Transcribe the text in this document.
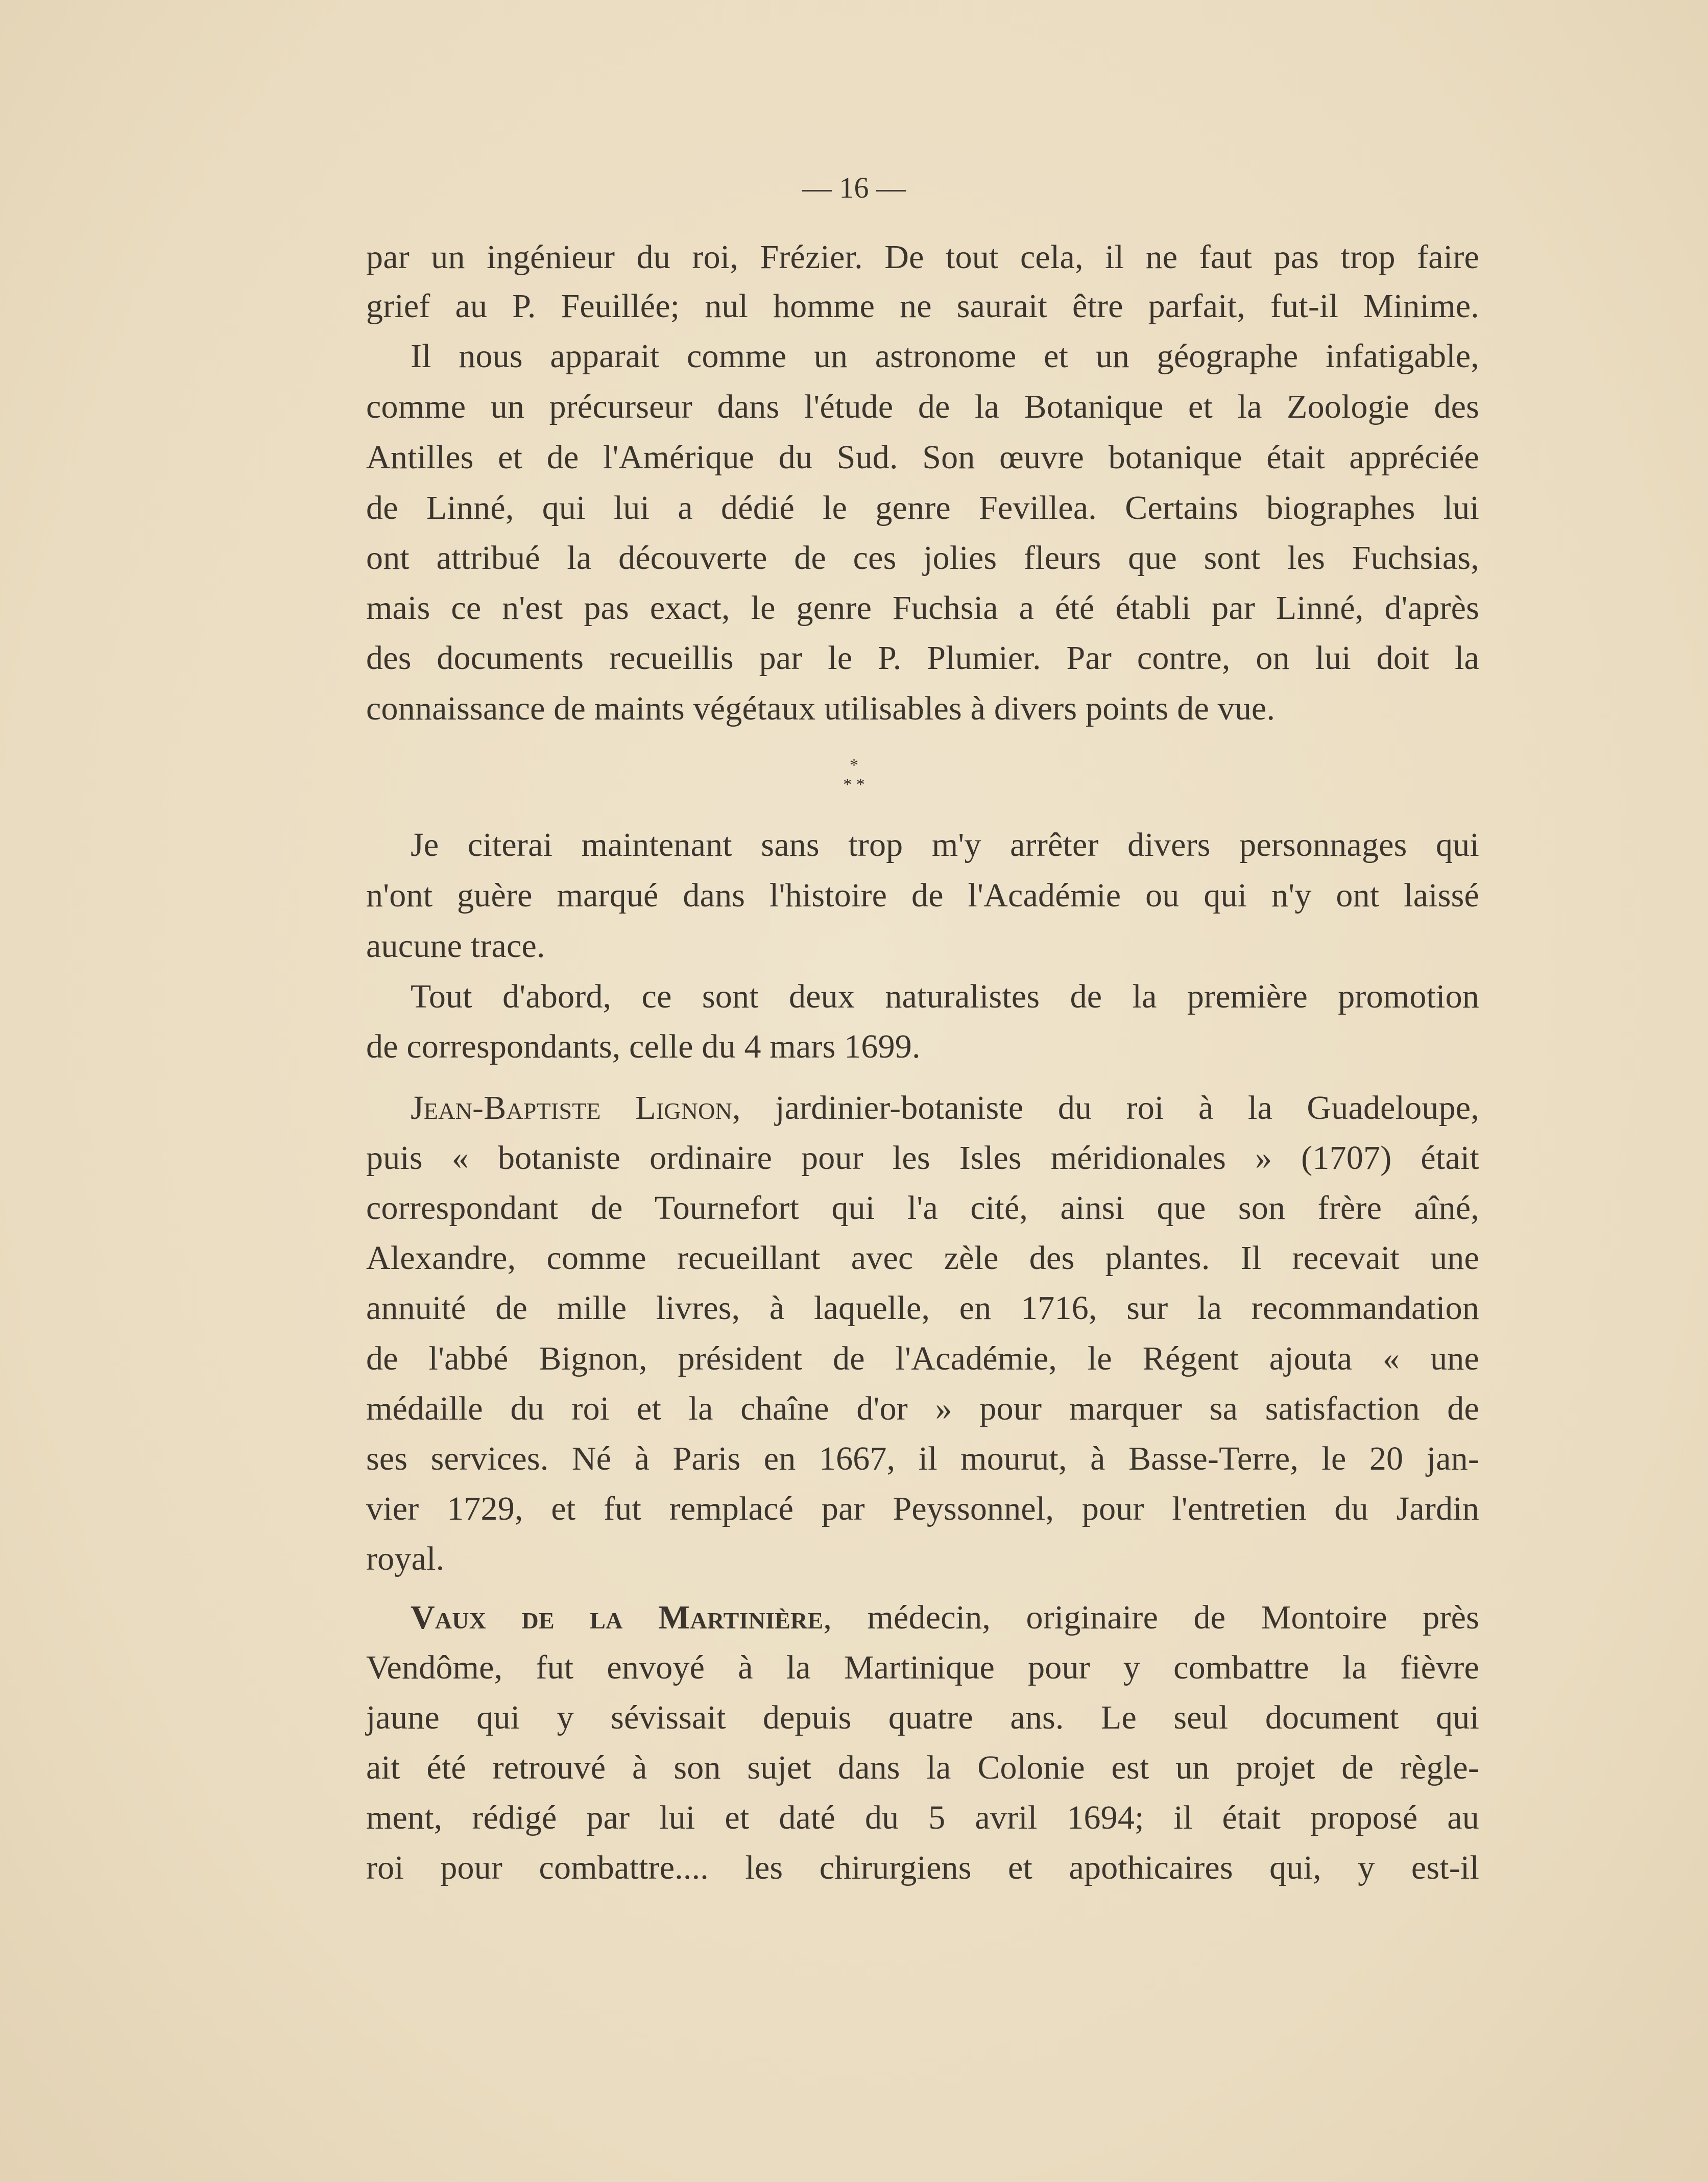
— 16 —
par un ingénieur du roi, Frézier. De tout cela, il ne faut pas trop faire
grief au P. Feuillée; nul homme ne saurait être parfait, fut-il Minime.
Il nous apparait comme un astronome et un géographe infatigable,
comme un précurseur dans l'étude de la Botanique et la Zoologie des
Antilles et de l'Amérique du Sud. Son œuvre botanique était appréciée
de Linné, qui lui a dédié le genre Fevillea. Certains biographes lui
ont attribué la découverte de ces jolies fleurs que sont les Fuchsias,
mais ce n'est pas exact, le genre Fuchsia a été établi par Linné, d'après
des documents recueillis par le P. Plumier. Par contre, on lui doit la
connaissance de maints végétaux utilisables à divers points de vue.
*
* *
Je citerai maintenant sans trop m'y arrêter divers personnages qui
n'ont guère marqué dans l'histoire de l'Académie ou qui n'y ont laissé
aucune trace.
Tout d'abord, ce sont deux naturalistes de la première promotion
de correspondants, celle du 4 mars 1699.
Jean-Baptiste Lignon, jardinier-botaniste du roi à la Guadeloupe,
puis « botaniste ordinaire pour les Isles méridionales » (1707) était
correspondant de Tournefort qui l'a cité, ainsi que son frère aîné,
Alexandre, comme recueillant avec zèle des plantes. Il recevait une
annuité de mille livres, à laquelle, en 1716, sur la recommandation
de l'abbé Bignon, président de l'Académie, le Régent ajouta « une
médaille du roi et la chaîne d'or » pour marquer sa satisfaction de
ses services. Né à Paris en 1667, il mourut, à Basse-Terre, le 20 jan-
vier 1729, et fut remplacé par Peyssonnel, pour l'entretien du Jardin
royal.
Vaux de la Martinière, médecin, originaire de Montoire près
Vendôme, fut envoyé à la Martinique pour y combattre la fièvre
jaune qui y sévissait depuis quatre ans. Le seul document qui
ait été retrouvé à son sujet dans la Colonie est un projet de règle-
ment, rédigé par lui et daté du 5 avril 1694; il était proposé au
roi pour combattre.... les chirurgiens et apothicaires qui, y est-il
